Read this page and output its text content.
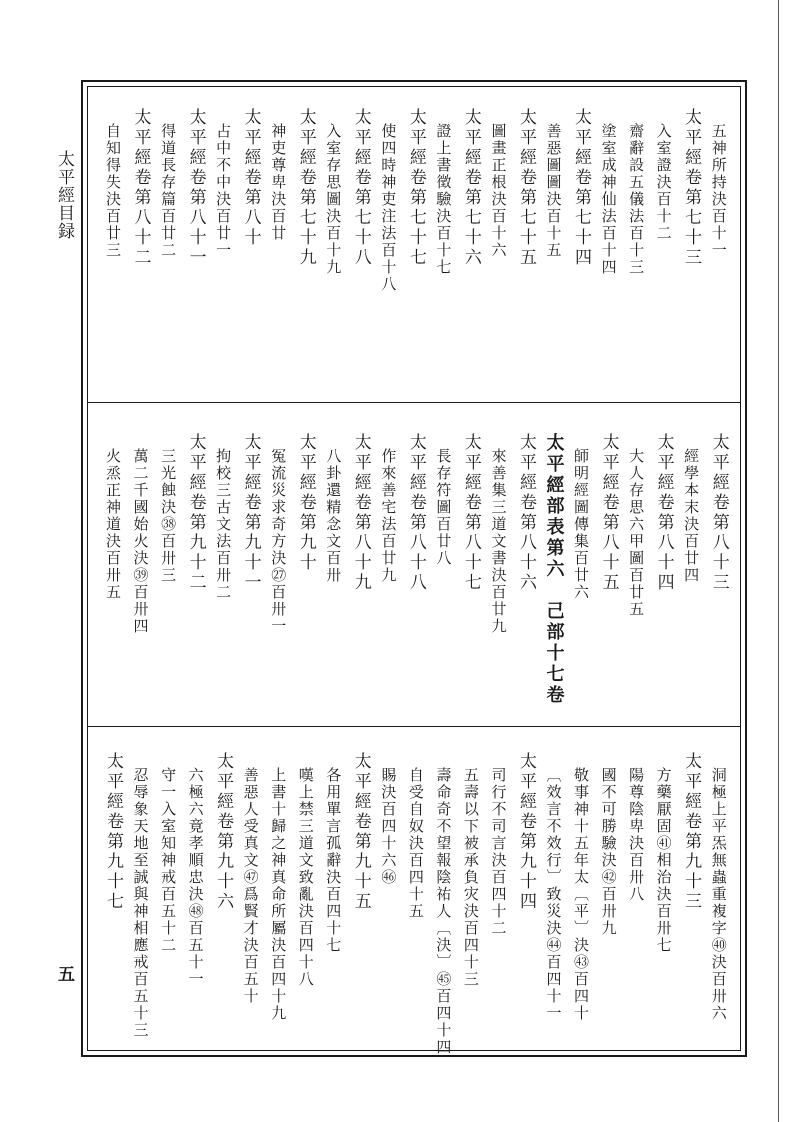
太平經目録
五
五神所持決百十一
太平經卷第七十三
入室證決百十二
齋辭設五儀法百十三
塗室成神仙法百十四
太平經卷第七十四
善惡圖圖決百十五
太平經卷第七十五
圖畫正根決百十六
太平經卷第七十六
證上書徵驗決百十七
太平經卷第七十七
使四時神吏注法百十八
太平經卷第七十八
入室存思圖決百十九
太平經卷第七十九
神吏尊卑決百廿
太平經卷第八十
占中不中決百廿一
太平經卷第八十一
得道長存篇百廿二
太平經卷第八十二
自知得失決百廿三
太平經卷第八十三
經學本末決百廿四
太平經卷第八十四
大人存思六甲圖百廿五
太平經卷第八十五
師明經圖傳集百廿六
太平經部表第六　己部十七卷
太平經卷第八十六
來善集三道文書決百廿九
太平經卷第八十七
長存符圖百廿八
太平經卷第八十八
作來善宅法百廿九
太平經卷第八十九
八卦還精念文百卅
太平經卷第九十
冤流災求奇方決㉗百卅一
太平經卷第九十一
拘校三古文法百卅二
太平經卷第九十二
三光蝕決㊳百卅三
萬二千國始火決㊴百卅四
火烝正神道決百卅五
洞極上平炁無蟲重複字㊵決百卅六
太平經卷第九十三
方藥厭固㊶相治決百卅七
陽尊陰卑決百卅八
國不可勝驗決㊷百卅九
敬事神十五年太〔平〕決㊸百四十
〔效言不效行〕致災決㊹百四十一
太平經卷第九十四
司行不司言決百四十二
五壽以下被承負灾決百四十三
壽命奇不望報陰祐人〔決〕㊺百四十四
自受自奴決百四十五
賜決百四十六㊻
太平經卷第九十五
各用單言孤辭決百四十七
嘆上禁三道文致亂決百四十八
上書十歸之神真命所屬決百四十九
善惡人受真文㊼爲賢才決百五十
太平經卷第九十六
六極六竟孝順忠決㊽百五十一
守一入室知神戒百五十二
忍辱象天地至誠與神相應戒百五十三
太平經卷第九十七
